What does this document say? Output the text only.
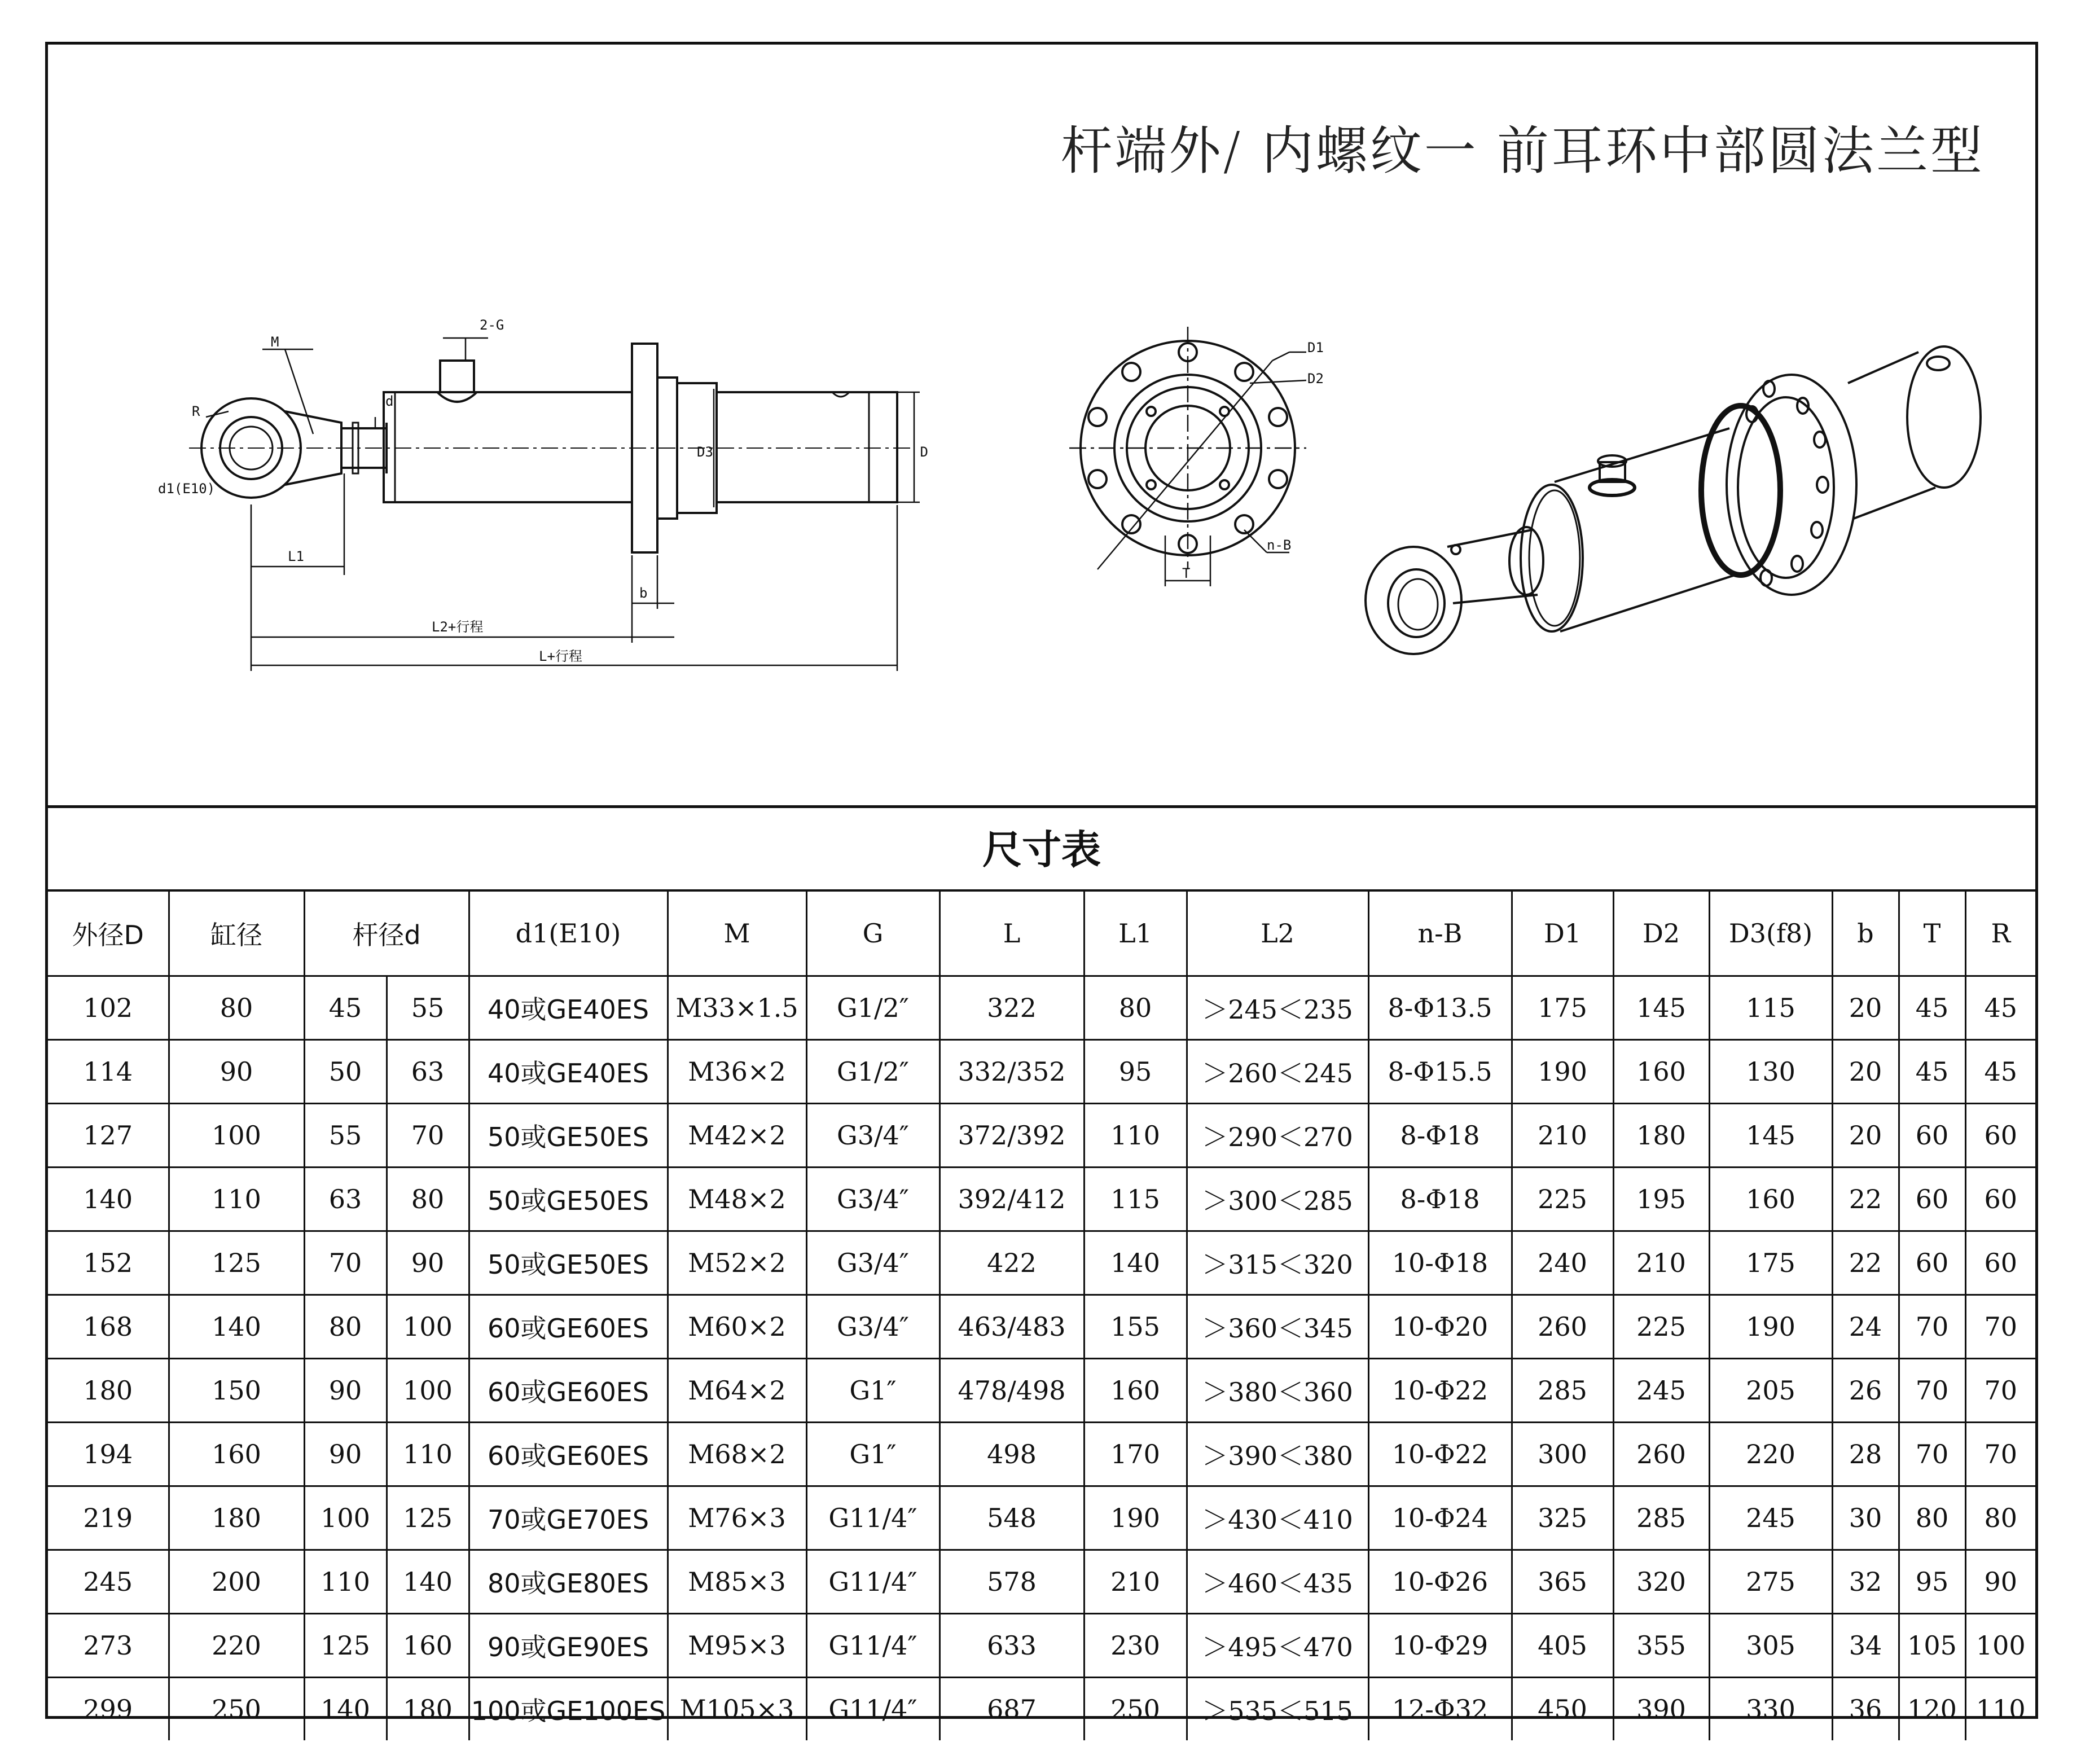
2-G
M
R
d
d1(E10)
D3	D
L1
b
L2+行程
L+行程
D1
D2
n-B
T
杆端外/ 内螺纹一 前耳环中部圆法兰型
尺寸表
外径D	缸径	杆径d		d1(E10)	M	G	L	L1	L2	n-B	D1	D2	D3(f8)	b	T	R
102	80	45	55	40或GE40ES	M33×1.5	G1/2″	322	80	＞245＜235	8-Φ13.5	175	145	115	20	45	45
114	90	50	63	40或GE40ES	M36×2	G1/2″	332/352	95	＞260＜245	8-Φ15.5	190	160	130	20	45	45
127	100	55	70	50或GE50ES	M42×2	G3/4″	372/392	110	＞290＜270	8-Φ18	210	180	145	20	60	60
140	110	63	80	50或GE50ES	M48×2	G3/4″	392/412	115	＞300＜285	8-Φ18	225	195	160	22	60	60
152	125	70	90	50或GE50ES	M52×2	G3/4″	422	140	＞315＜320	10-Φ18	240	210	175	22	60	60
168	140	80	100	60或GE60ES	M60×2	G3/4″	463/483	155	＞360＜345	10-Φ20	260	225	190	24	70	70
180	150	90	100	60或GE60ES	M64×2	G1″	478/498	160	＞380＜360	10-Φ22	285	245	205	26	70	70
194	160	90	110	60或GE60ES	M68×2	G1″	498	170	＞390＜380	10-Φ22	300	260	220	28	70	70
219	180	100	125	70或GE70ES	M76×3	G11/4″	548	190	＞430＜410	10-Φ24	325	285	245	30	80	80
245	200	110	140	80或GE80ES	M85×3	G11/4″	578	210	＞460＜435	10-Φ26	365	320	275	32	95	90
273	220	125	160	90或GE90ES	M95×3	G11/4″	633	230	＞495＜470	10-Φ29	405	355	305	34	105	100
299	250	140	180	100或GE100ES	M105×3	G11/4″	687	250	＞535＜515	12-Φ32	450	390	330	36	120	110
